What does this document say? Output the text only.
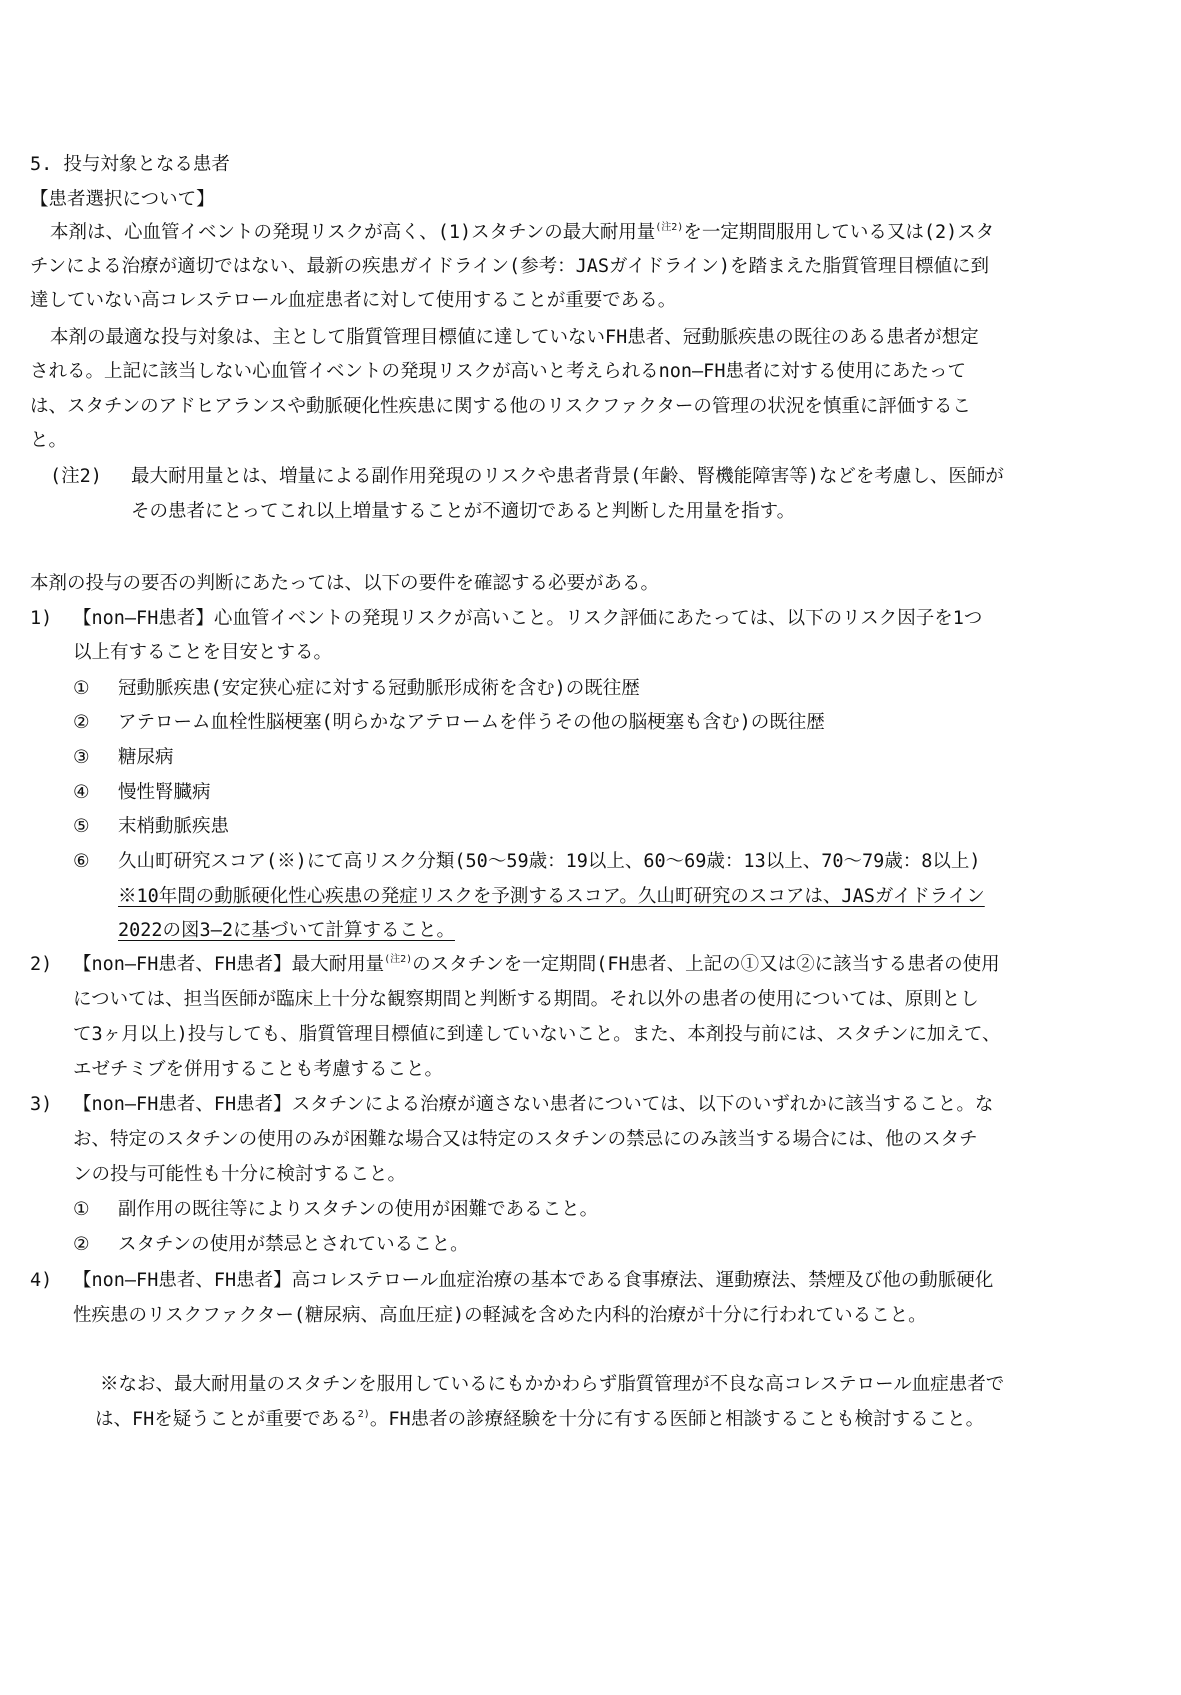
5. 投与対象となる患者
【患者選択について】
本剤は、心血管イベントの発現リスクが高く、(1)スタチンの最大耐用量$^{(注2)}$を一定期間服用している又は(2)スタ
チンによる治療が適切ではない、最新の疾患ガイドライン(参考：JASガイドライン)を踏まえた脂質管理目標値に到
達していない高コレステロール血症患者に対して使用することが重要である。
本剤の最適な投与対象は、主として脂質管理目標値に達していないFH患者、冠動脈疾患の既往のある患者が想定
される。上記に該当しない心血管イベントの発現リスクが高いと考えられるnon―FH患者に対する使用にあたって
は、スタチンのアドヒアランスや動脈硬化性疾患に関する他のリスクファクターの管理の状況を慎重に評価するこ
と。
(注2) 最大耐用量とは、増量による副作用発現のリスクや患者背景(年齢、腎機能障害等)などを考慮し、医師が
その患者にとってこれ以上増量することが不適切であると判断した用量を指す。
本剤の投与の要否の判断にあたっては、以下の要件を確認する必要がある。
1) 【non―FH患者】心血管イベントの発現リスクが高いこと。リスク評価にあたっては、以下のリスク因子を1つ
以上有することを目安とする。
① 冠動脈疾患(安定狭心症に対する冠動脈形成術を含む)の既往歴
② アテローム血栓性脳梗塞(明らかなアテロームを伴うその他の脳梗塞も含む)の既往歴
③ 糖尿病
④ 慢性腎臓病
⑤ 末梢動脈疾患
⑥ 久山町研究スコア(※)にて高リスク分類(50～59歳：19以上、60～69歳：13以上、70～79歳：8以上)
※10年間の動脈硬化性心疾患の発症リスクを予測するスコア。久山町研究のスコアは、JASガイドライン
2022の図3―2に基づいて計算すること。
2) 【non―FH患者、FH患者】最大耐用量$^{(注2)}$のスタチンを一定期間(FH患者、上記の①又は②に該当する患者の使用
については、担当医師が臨床上十分な観察期間と判断する期間。それ以外の患者の使用については、原則とし
て3ヶ月以上)投与しても、脂質管理目標値に到達していないこと。また、本剤投与前には、スタチンに加えて、
エゼチミブを併用することも考慮すること。
3) 【non―FH患者、FH患者】スタチンによる治療が適さない患者については、以下のいずれかに該当すること。な
お、特定のスタチンの使用のみが困難な場合又は特定のスタチンの禁忌にのみ該当する場合には、他のスタチ
ンの投与可能性も十分に検討すること。
① 副作用の既往等によりスタチンの使用が困難であること。
② スタチンの使用が禁忌とされていること。
4) 【non―FH患者、FH患者】高コレステロール血症治療の基本である食事療法、運動療法、禁煙及び他の動脈硬化
性疾患のリスクファクター(糖尿病、高血圧症)の軽減を含めた内科的治療が十分に行われていること。
※なお、最大耐用量のスタチンを服用しているにもかかわらず脂質管理が不良な高コレステロール血症患者で
は、FHを疑うことが重要である$^{2)}$。FH患者の診療経験を十分に有する医師と相談することも検討すること。
